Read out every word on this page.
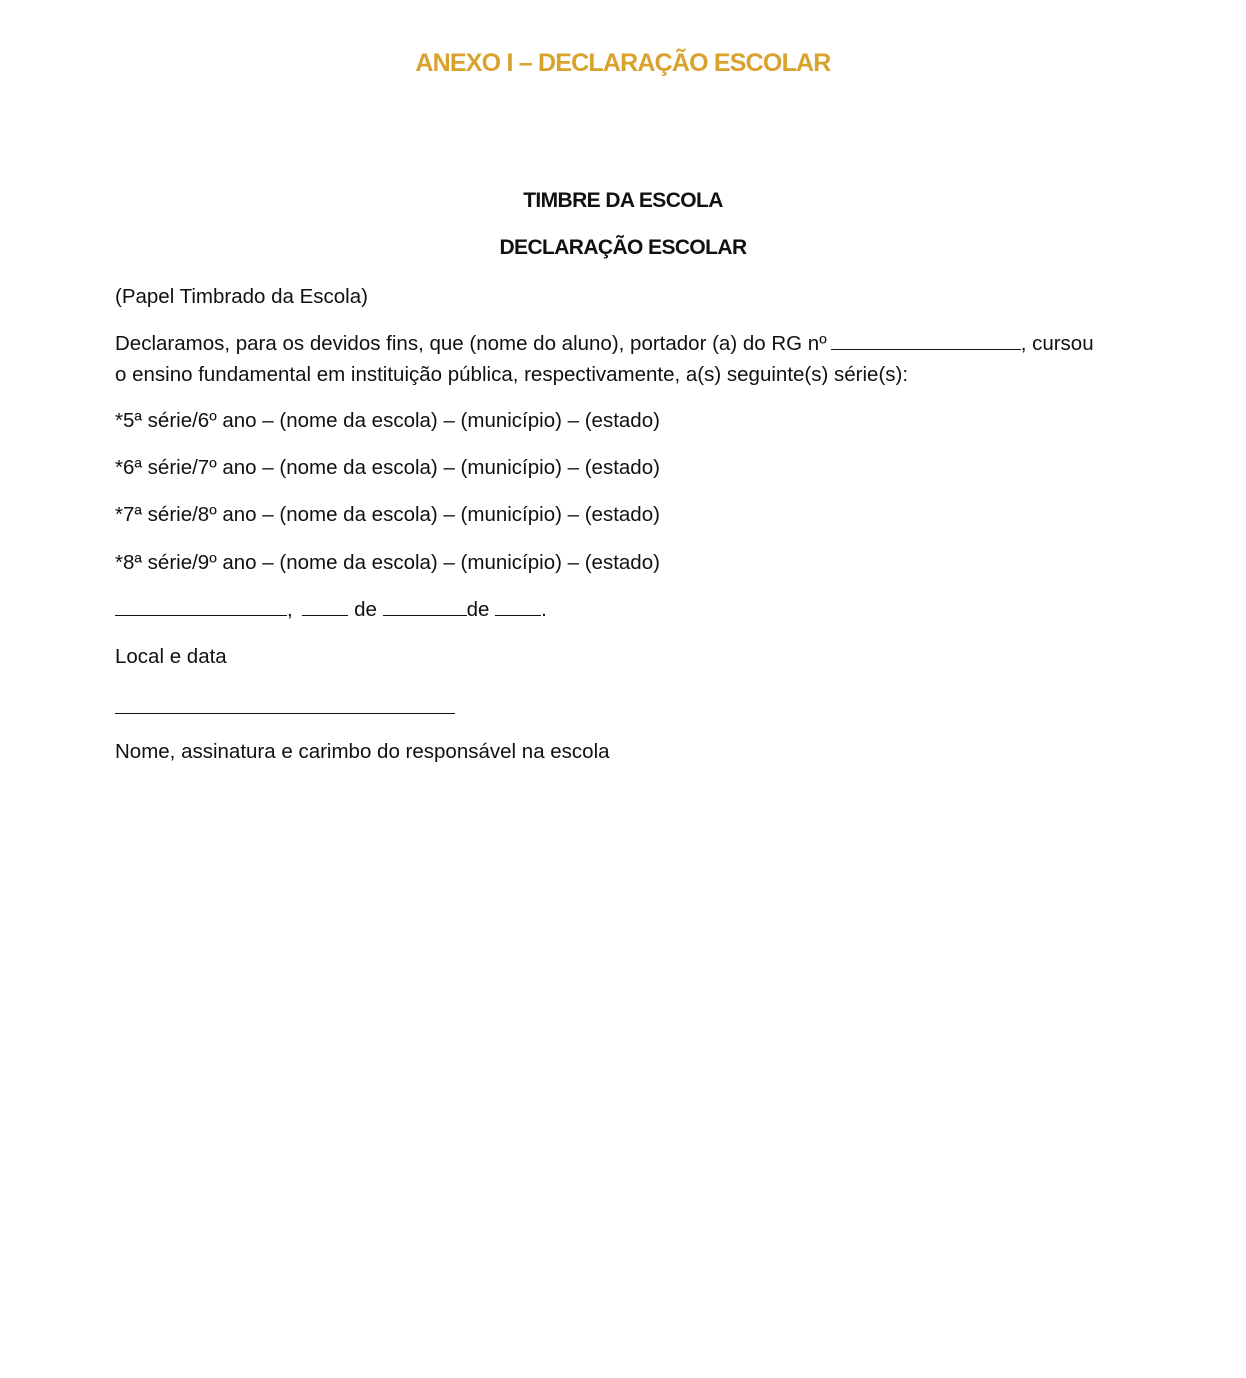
ANEXO I – DECLARAÇÃO ESCOLAR
TIMBRE DA ESCOLA
DECLARAÇÃO ESCOLAR
(Papel Timbrado da Escola)
Declaramos, para os devidos fins, que (nome do aluno), portador (a) do RG nº	, cursou
o ensino fundamental em instituição pública, respectivamente, a(s) seguinte(s) série(s):
*5ª série/6º ano – (nome da escola) – (município) – (estado)
*6ª série/7º ano – (nome da escola) – (município) – (estado)
*7ª série/8º ano – (nome da escola) – (município) – (estado)
*8ª série/9º ano – (nome da escola) – (município) – (estado)
,	de	de	.
Local e data
Nome, assinatura e carimbo do responsável na escola
